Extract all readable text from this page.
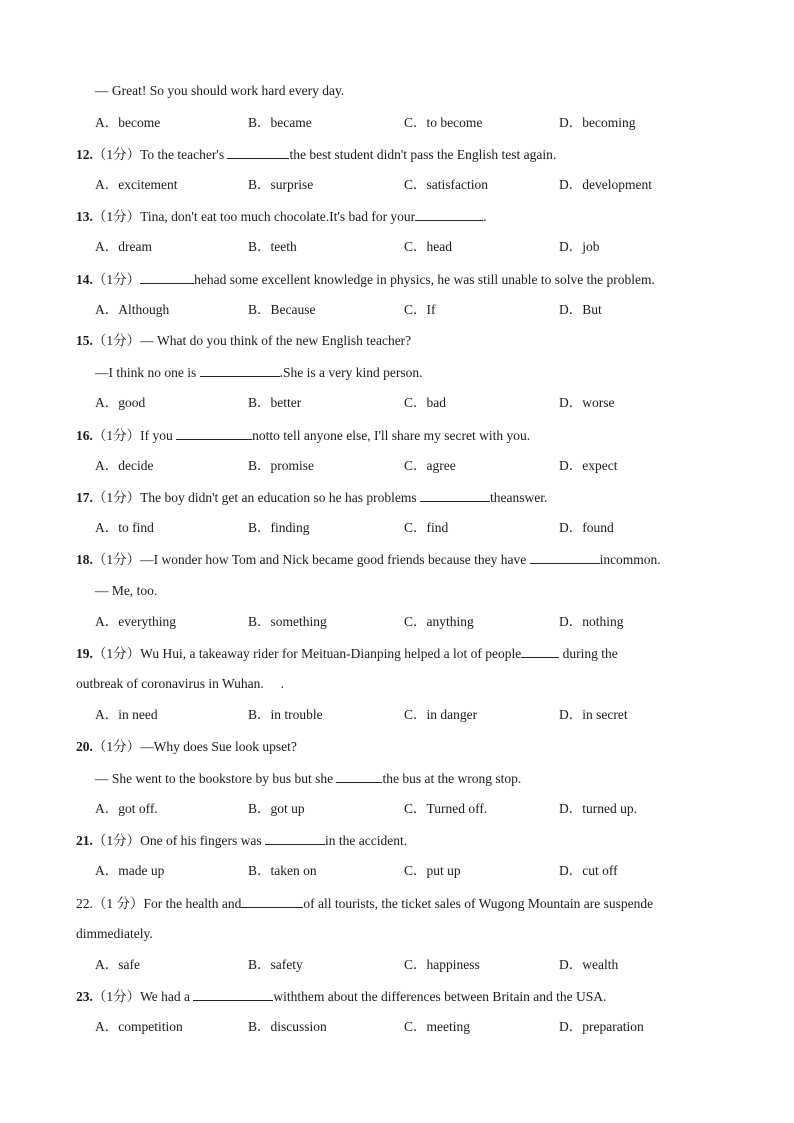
— Great! So you should work hard every day.
A．become	B．became	C．to become	D．becoming
12.（1分）To the teacher's	the best student didn't pass the English test again.
A．excitement	B．surprise	C．satisfaction	D．development
13.（1分）Tina, don't eat too much chocolate.It's bad for your	.
A．dream	B．teeth	C．head	D．job
14.（1分）	hehad some excellent knowledge in physics, he was still unable to solve the problem.
A．Although	B．Because	C．If	D．But
15.（1分）— What do you think of the new English teacher?
—I think no one is	.She is a very kind person.
A．good	B．better	C．bad	D．worse
16.（1分）If you	notto tell anyone else, I'll share my secret with you.
A．decide	B．promise	C．agree	D．expect
17.（1分）The boy didn't get an education so he has problems	theanswer.
A．to find	B．finding	C．find	D．found
18.（1分）—I wonder how Tom and Nick became good friends because they have	incommon.
— Me, too.
A．everything	B．something	C．anything	D．nothing
19.（1分）Wu Hui, a takeaway rider for Meituan-Dianping helped a lot of people	during the
outbreak of coronavirus in Wuhan.     .
A．in need	B．in trouble	C．in danger	D．in secret
20.（1分）—Why does Sue look upset?
— She went to the bookstore by bus but she	the bus at the wrong stop.
A．got off.	B．got up	C．Turned off.	D．turned up.
21.（1分）One of his fingers was	in the accident.
A．made up	B．taken on	C．put up	D．cut off
22.（1 分）For the health and	of all tourists, the ticket sales of Wugong Mountain are suspende
dimmediately.
A．safe	B．safety	C．happiness	D．wealth
23.（1分）We had a	withthem about the differences between Britain and the USA.
A．competition	B．discussion	C．meeting	D．preparation
